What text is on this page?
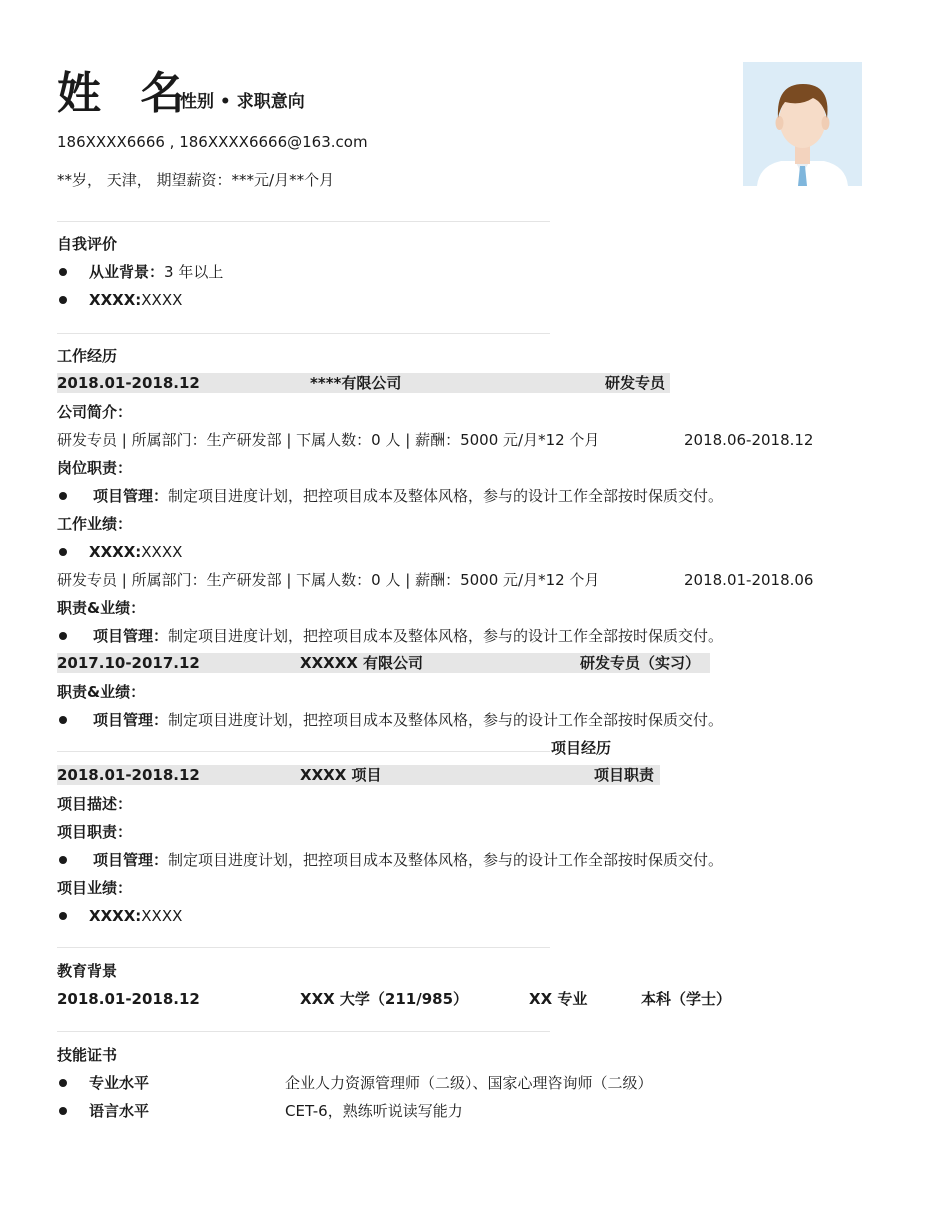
姓 名
性别 • 求职意向
186XXXX6666 , 186XXXX6666@163.com
**岁， 天津， 期望薪资：***元/月**个月
自我评价
从业背景：3 年以上
XXXX:XXXX
工作经历
2018.01-2018.12	****有限公司	研发专员
公司简介：
研发专员 | 所属部门：生产研发部 | 下属人数：0 人 | 薪酬：5000 元/月*12 个月	2018.06-2018.12
岗位职责：
项目管理：制定项目进度计划，把控项目成本及整体风格，参与的设计工作全部按时保质交付。
工作业绩：
XXXX:XXXX
研发专员 | 所属部门：生产研发部 | 下属人数：0 人 | 薪酬：5000 元/月*12 个月	2018.01-2018.06
职责&业绩：
项目管理：制定项目进度计划，把控项目成本及整体风格，参与的设计工作全部按时保质交付。
2017.10-2017.12	XXXXX 有限公司	研发专员（实习）
职责&业绩：
项目管理：制定项目进度计划，把控项目成本及整体风格，参与的设计工作全部按时保质交付。
项目经历
2018.01-2018.12	XXXX 项目	项目职责
项目描述：
项目职责：
项目管理：制定项目进度计划，把控项目成本及整体风格，参与的设计工作全部按时保质交付。
项目业绩：
XXXX:XXXX
教育背景
2018.01-2018.12	XXX 大学（211/985）	XX 专业	本科（学士）
技能证书
专业水平	企业人力资源管理师（二级）、国家心理咨询师（二级）
语言水平	CET-6，熟练听说读写能力
